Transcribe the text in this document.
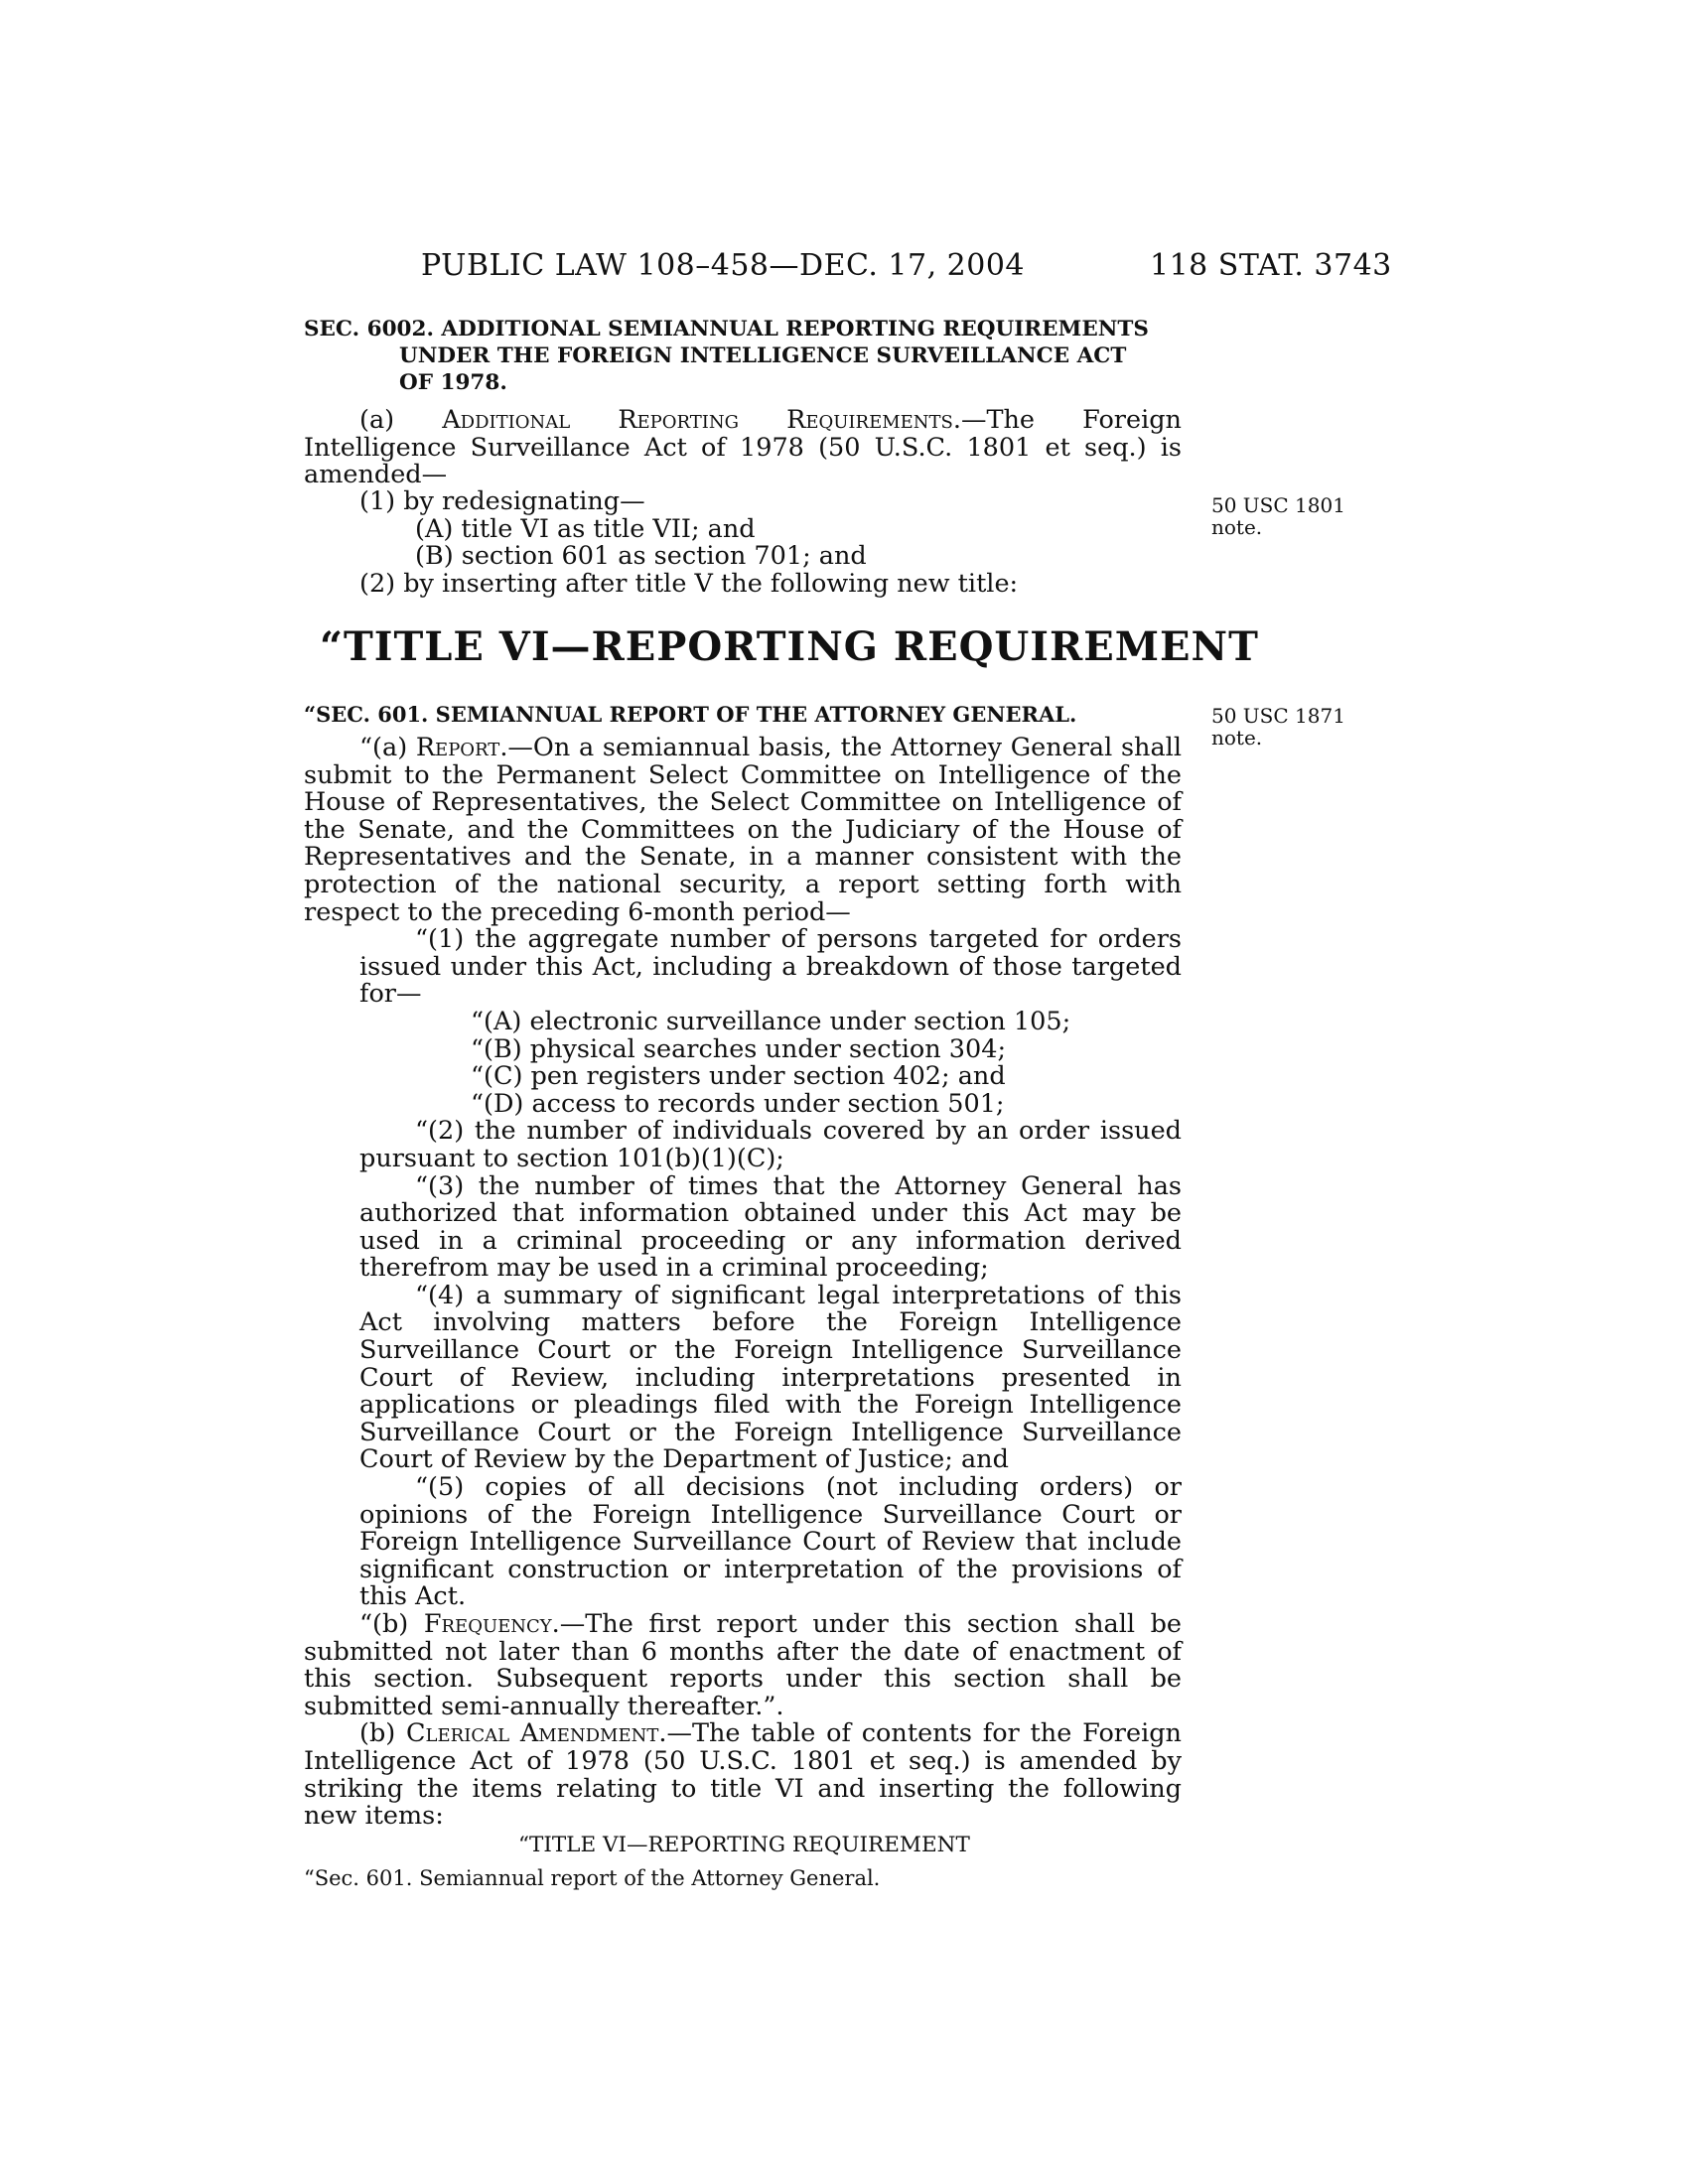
PUBLIC LAW 108–458—DEC. 17, 2004	118 STAT. 3743
SEC. 6002. ADDITIONAL SEMIANNUAL REPORTING REQUIREMENTS
UNDER THE FOREIGN INTELLIGENCE SURVEILLANCE ACT
OF 1978.

(a) Additional Reporting Requirements.—The Foreign Intelligence Surveillance Act of 1978 (50 U.S.C. 1801 et seq.) is amended—

(1) by redesignating—

(A) title VI as title VII; and

(B) section 601 as section 701; and

(2) by inserting after title V the following new title:

50 USC 1801
note.
“TITLE VI—REPORTING REQUIREMENT
“SEC. 601. SEMIANNUAL REPORT OF THE ATTORNEY GENERAL.	50 USC 1871
note.

“(a) Report.—On a semiannual basis, the Attorney General shall submit to the Permanent Select Committee on Intelligence of the House of Representatives, the Select Committee on Intelligence of the Senate, and the Committees on the Judiciary of the House of Representatives and the Senate, in a manner consistent with the protection of the national security, a report setting forth with respect to the preceding 6-month period—

“(1) the aggregate number of persons targeted for orders issued under this Act, including a breakdown of those targeted for—

“(A) electronic surveillance under section 105;

“(B) physical searches under section 304;

“(C) pen registers under section 402; and

“(D) access to records under section 501;

“(2) the number of individuals covered by an order issued pursuant to section 101(b)(1)(C);

“(3) the number of times that the Attorney General has authorized that information obtained under this Act may be used in a criminal proceeding or any information derived therefrom may be used in a criminal proceeding;

“(4) a summary of significant legal interpretations of this Act involving matters before the Foreign Intelligence Surveillance Court or the Foreign Intelligence Surveillance Court of Review, including interpretations presented in applications or pleadings filed with the Foreign Intelligence Surveillance Court or the Foreign Intelligence Surveillance Court of Review by the Department of Justice; and

“(5) copies of all decisions (not including orders) or opinions of the Foreign Intelligence Surveillance Court or Foreign Intelligence Surveillance Court of Review that include significant construction or interpretation of the provisions of this Act.

“(b) Frequency.—The first report under this section shall be submitted not later than 6 months after the date of enactment of this section. Subsequent reports under this section shall be submitted semi-annually thereafter.”.

(b) Clerical Amendment.—The table of contents for the Foreign Intelligence Act of 1978 (50 U.S.C. 1801 et seq.) is amended by striking the items relating to title VI and inserting the following new items:

“TITLE VI—REPORTING REQUIREMENT
“Sec. 601. Semiannual report of the Attorney General.
